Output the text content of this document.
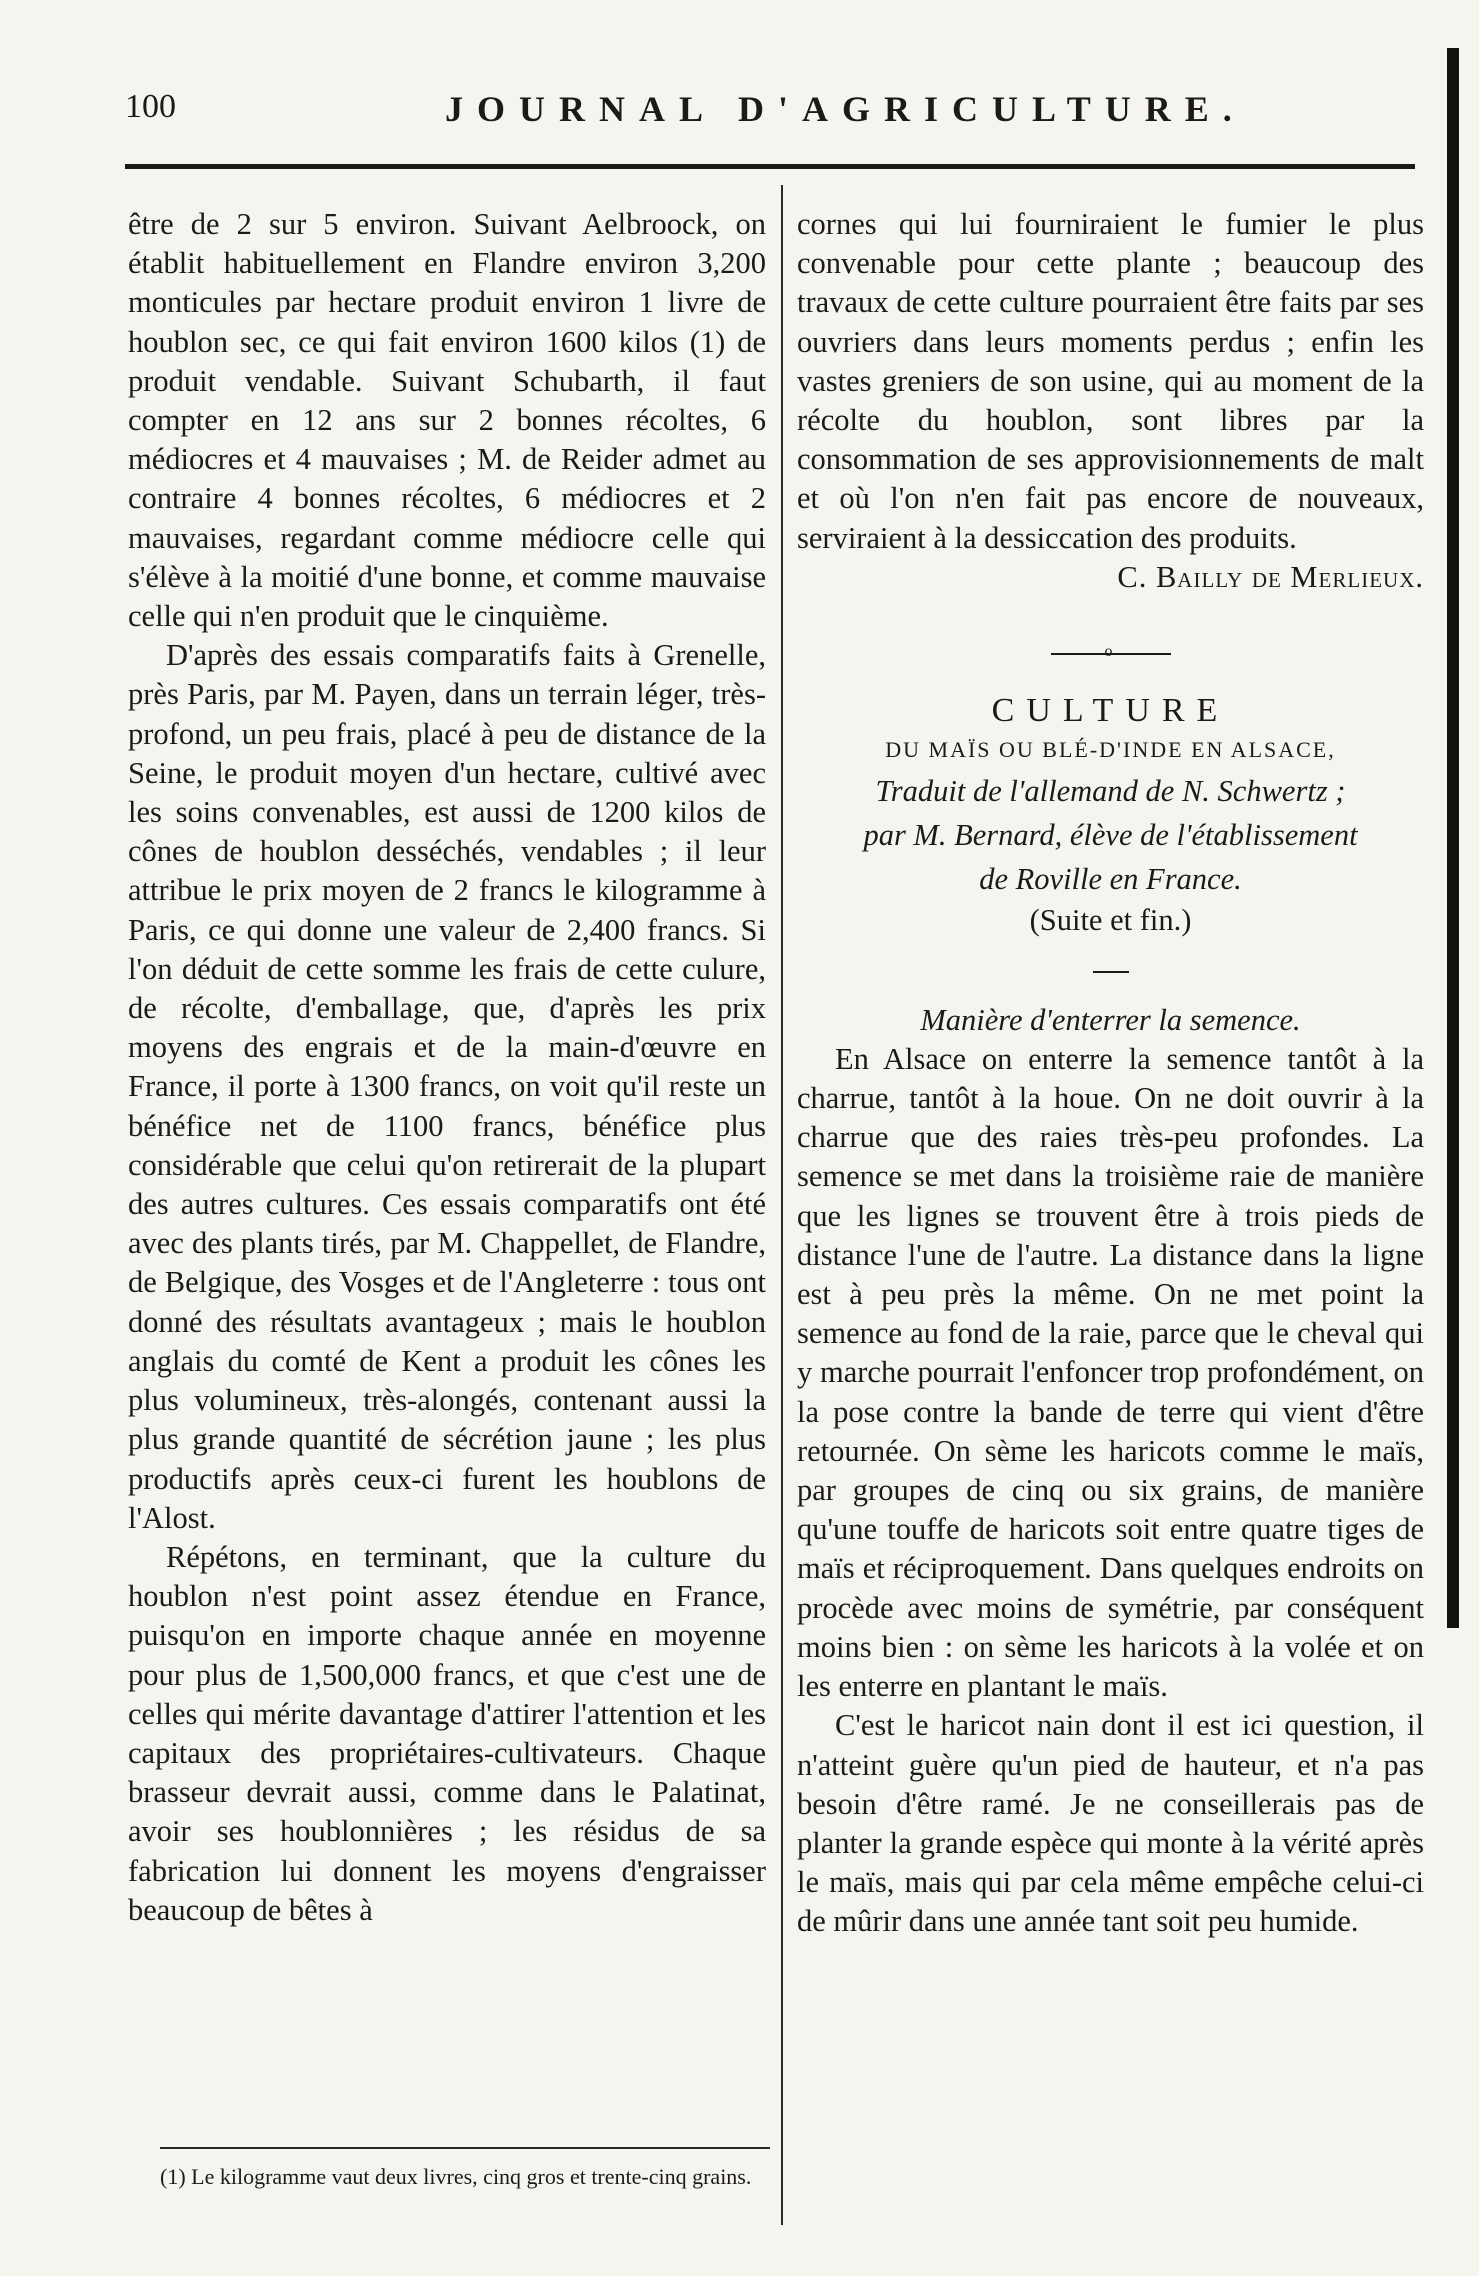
100	JOURNAL D'AGRICULTURE.

être de 2 sur 5 environ. Suivant Aelbroock, on établit habituellement en Flandre environ 3,200 monticules par hectare produit environ 1 livre de houblon sec, ce qui fait environ 1600 kilos (1) de produit vendable. Suivant Schubarth, il faut compter en 12 ans sur 2 bonnes récoltes, 6 médiocres et 4 mauvaises ; M. de Reider admet au contraire 4 bonnes récoltes, 6 médiocres et 2 mauvaises, regardant comme médiocre celle qui s'élève à la moitié d'une bonne, et comme mauvaise celle qui n'en produit que le cinquième.

D'après des essais comparatifs faits à Grenelle, près Paris, par M. Payen, dans un terrain léger, très-profond, un peu frais, placé à peu de distance de la Seine, le produit moyen d'un hectare, cultivé avec les soins convenables, est aussi de 1200 kilos de cônes de houblon desséchés, vendables ; il leur attribue le prix moyen de 2 francs le kilogramme à Paris, ce qui donne une valeur de 2,400 francs. Si l'on déduit de cette somme les frais de cette culure, de récolte, d'emballage, que, d'après les prix moyens des engrais et de la main-d'œuvre en France, il porte à 1300 francs, on voit qu'il reste un bénéfice net de 1100 francs, bénéfice plus considérable que celui qu'on retirerait de la plupart des autres cultures. Ces essais comparatifs ont été avec des plants tirés, par M. Chappellet, de Flandre, de Belgique, des Vosges et de l'Angleterre : tous ont donné des résultats avantageux ; mais le houblon anglais du comté de Kent a produit les cônes les plus volumineux, très-alongés, contenant aussi la plus grande quantité de sécrétion jaune ; les plus productifs après ceux-ci furent les houblons de l'Alost.

Répétons, en terminant, que la culture du houblon n'est point assez étendue en France, puisqu'on en importe chaque année en moyenne pour plus de 1,500,000 francs, et que c'est une de celles qui mérite davantage d'attirer l'attention et les capitaux des propriétaires-cultivateurs. Chaque brasseur devrait aussi, comme dans le Palatinat, avoir ses houblonnières ; les résidus de sa fabrication lui donnent les moyens d'engraisser beaucoup de bêtes à

cornes qui lui fourniraient le fumier le plus convenable pour cette plante ; beaucoup des travaux de cette culture pourraient être faits par ses ouvriers dans leurs moments perdus ; enfin les vastes greniers de son usine, qui au moment de la récolte du houblon, sont libres par la consommation de ses approvisionnements de malt et où l'on n'en fait pas encore de nouveaux, serviraient à la dessiccation des produits.

C. Bailly de Merlieux.

o

CULTURE

DU MAÏS OU BLÉ-D'INDE EN ALSACE,

Traduit de l'allemand de N. Schwertz ;

par M. Bernard, élève de l'établissement

de Roville en France.

(Suite et fin.)

Manière d'enterrer la semence.

En Alsace on enterre la semence tantôt à la charrue, tantôt à la houe. On ne doit ouvrir à la charrue que des raies très-peu profondes. La semence se met dans la troisième raie de manière que les lignes se trouvent être à trois pieds de distance l'une de l'autre. La distance dans la ligne est à peu près la même. On ne met point la semence au fond de la raie, parce que le cheval qui y marche pourrait l'enfoncer trop profondément, on la pose contre la bande de terre qui vient d'être retournée. On sème les haricots comme le maïs, par groupes de cinq ou six grains, de manière qu'une touffe de haricots soit entre quatre tiges de maïs et réciproquement. Dans quelques endroits on procède avec moins de symétrie, par conséquent moins bien : on sème les haricots à la volée et on les enterre en plantant le maïs.

C'est le haricot nain dont il est ici question, il n'atteint guère qu'un pied de hauteur, et n'a pas besoin d'être ramé. Je ne conseillerais pas de planter la grande espèce qui monte à la vérité après le maïs, mais qui par cela même empêche celui-ci de mûrir dans une année tant soit peu humide.

(1) Le kilogramme vaut deux livres, cinq gros et trente-cinq grains.
